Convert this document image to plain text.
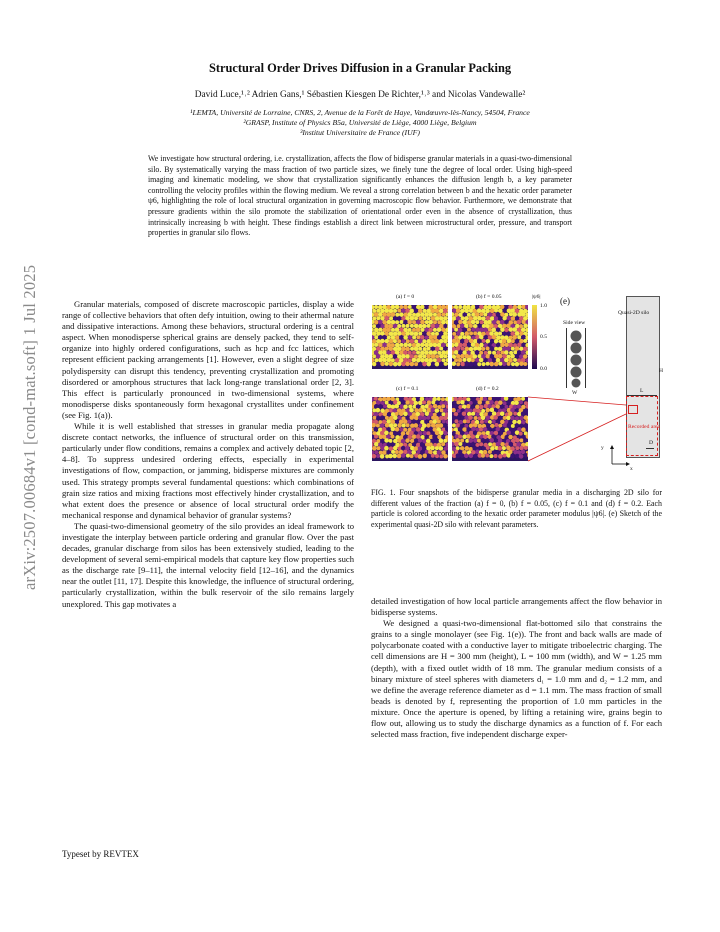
arXiv:2507.00684v1 [cond-mat.soft] 1 Jul 2025
Structural Order Drives Diffusion in a Granular Packing
David Luce,¹˒² Adrien Gans,¹ Sébastien Kiesgen De Richter,¹˒³ and Nicolas Vandewalle²
¹LEMTA, Université de Lorraine, CNRS, 2, Avenue de la Forêt de Haye, Vandœuvre-lès-Nancy, 54504, France
²GRASP, Institute of Physics B5a, Université de Liège, 4000 Liège, Belgium
³Institut Universitaire de France (IUF)
We investigate how structural ordering, i.e. crystallization, affects the flow of bidisperse granular materials in a quasi-two-dimensional silo. By systematically varying the mass fraction of two particle sizes, we finely tune the degree of local order. Using high-speed imaging and kinematic modeling, we show that crystallization significantly enhances the diffusion length b, a key parameter controlling the velocity profiles within the flowing medium. We reveal a strong correlation between b and the hexatic order parameter ψ6, highlighting the role of local structural organization in governing macroscopic flow behavior. Furthermore, we demonstrate that pressure gradients within the silo promote the stabilization of orientational order even in the absence of crystallization, thus intrinsically increasing b with height. These findings establish a direct link between microstructural order, pressure, and transport properties in granular silo flows.

Granular materials, composed of discrete macroscopic particles, display a wide range of collective behaviors that often defy intuition, owing to their athermal nature and dissipative interactions. Among these behaviors, structural ordering is a central aspect. When monodisperse spherical grains are densely packed, they tend to self-organize into highly ordered configurations, such as hcp and fcc lattices, which represent efficient packing arrangements [1]. However, even a slight degree of size polydispersity can disrupt this tendency, preventing crystallization and promoting disordered or amorphous structures that lack long-range translational order [2, 3]. This effect is particularly pronounced in two-dimensional systems, where monodisperse disks spontaneously form hexagonal crystallites under confinement (see Fig. 1(a)).

While it is well established that stresses in granular media propagate along discrete contact networks, the influence of structural order on this transmission, particularly under flow conditions, remains a complex and actively debated topic [2, 4–8]. To suppress undesired ordering effects, especially in experimental investigations of flow, compaction, or jamming, bidisperse mixtures are commonly used. This strategy prompts several fundamental questions: which combinations of grain size ratios and mixing fractions most effectively hinder crystallization, and to what extent does the presence or absence of local structural order modify the mechanical response and dynamical behavior of granular systems?

The quasi-two-dimensional geometry of the silo provides an ideal framework to investigate the interplay between particle ordering and granular flow. Over the past decades, granular discharge from silos has been extensively studied, leading to the development of several semi-empirical models that capture key flow properties such as the discharge rate [9–11], the internal velocity field [12–16], and the dynamics near the outlet [11, 17]. Despite this knowledge, the influence of structural ordering, particularly crystallization, within the bulk reservoir of the silo remains largely unexplored. This gap motivates a

(a) f = 0	(b) f = 0.05
(c) f = 0.1	(d) f = 0.2
|ψ6|
1.0
0.5
0.0
(e)
Side view
W
Quasi-2D silo
H
Recorded area
L
D
y
x
FIG. 1. Four snapshots of the bidisperse granular media in a discharging 2D silo for different values of the fraction (a) f = 0, (b) f = 0.05, (c) f = 0.1 and (d) f = 0.2. Each particle is colored according to the hexatic order parameter modulus |ψ6|. (e) Sketch of the experimental quasi-2D silo with relevant parameters.

detailed investigation of how local particle arrangements affect the flow behavior in bidisperse systems.

We designed a quasi-two-dimensional flat-bottomed silo that constrains the grains to a single monolayer (see Fig. 1(e)). The front and back walls are made of polycarbonate coated with a conductive layer to mitigate triboelectric charging. The cell dimensions are H = 300 mm (height), L = 100 mm (width), and W = 1.25 mm (depth), with a fixed outlet width of 18 mm. The granular medium consists of a binary mixture of steel spheres with diameters d₁ = 1.0 mm and d₂ = 1.2 mm, and we define the average reference diameter as d = 1.1 mm. The mass fraction of small beads is denoted by f, representing the proportion of 1.0 mm particles in the mixture. Once the aperture is opened, by lifting a retaining wire, grains begin to flow out, allowing us to study the discharge dynamics as a function of f. For each selected mass fraction, five independent discharge exper-

Typeset by REVTEX
